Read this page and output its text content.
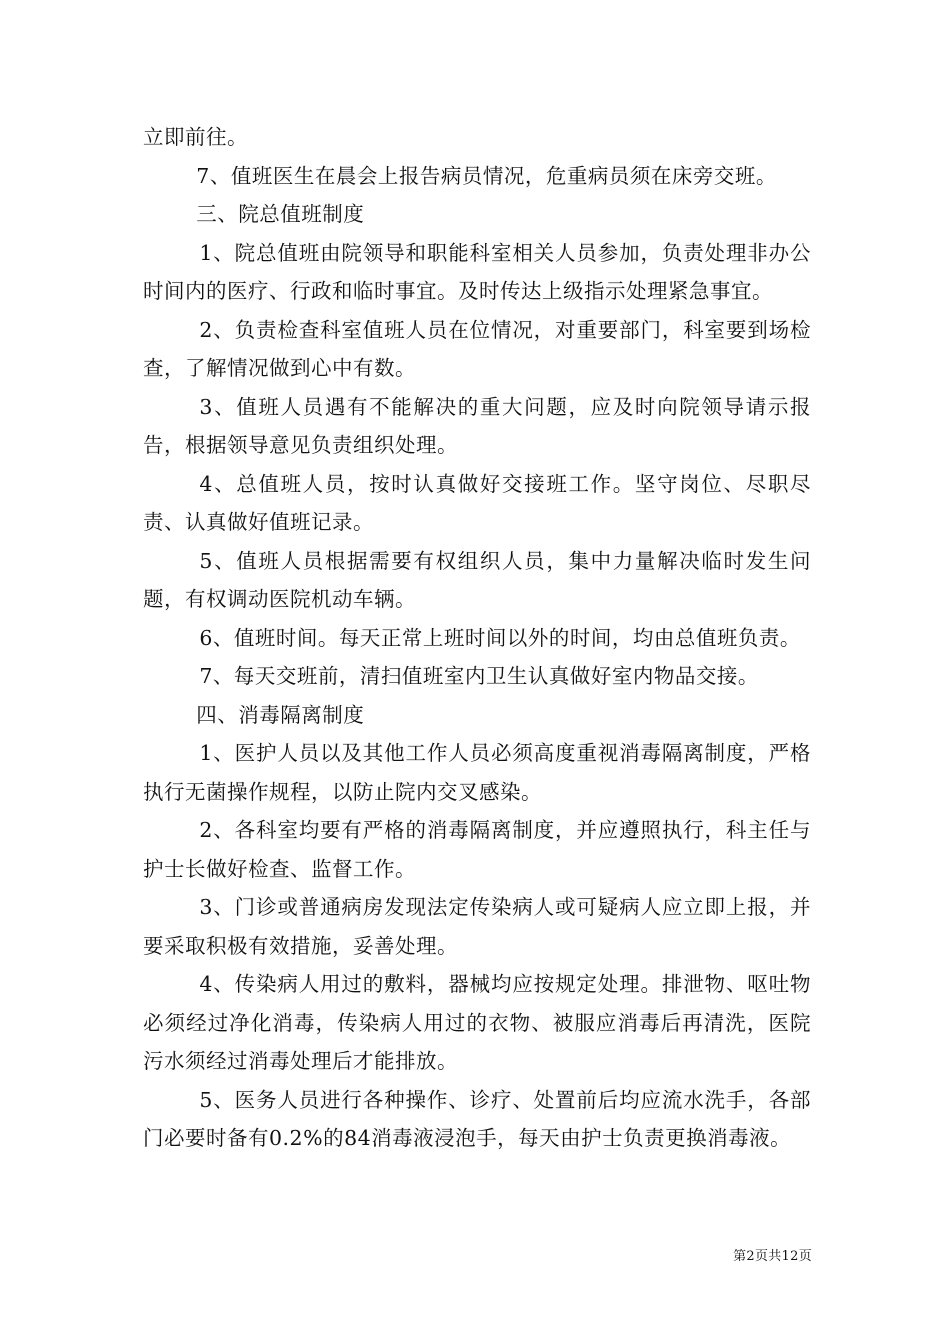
立即前往。

7、值班医生在晨会上报告病员情况，危重病员须在床旁交班。

三、院总值班制度

1、院总值班由院领导和职能科室相关人员参加，负责处理非办公时间内的医疗、行政和临时事宜。及时传达上级指示处理紧急事宜。

2、负责检查科室值班人员在位情况，对重要部门，科室要到场检查，了解情况做到心中有数。

3、值班人员遇有不能解决的重大问题，应及时向院领导请示报告，根据领导意见负责组织处理。

4、总值班人员，按时认真做好交接班工作。坚守岗位、尽职尽责、认真做好值班记录。

5、值班人员根据需要有权组织人员，集中力量解决临时发生问题，有权调动医院机动车辆。

6、值班时间。每天正常上班时间以外的时间，均由总值班负责。

7、每天交班前，清扫值班室内卫生认真做好室内物品交接。

四、消毒隔离制度

1、医护人员以及其他工作人员必须高度重视消毒隔离制度，严格执行无菌操作规程，以防止院内交叉感染。

2、各科室均要有严格的消毒隔离制度，并应遵照执行，科主任与护士长做好检查、监督工作。

3、门诊或普通病房发现法定传染病人或可疑病人应立即上报，并要采取积极有效措施，妥善处理。

4、传染病人用过的敷料，器械均应按规定处理。排泄物、呕吐物必须经过净化消毒，传染病人用过的衣物、被服应消毒后再清洗，医院污水须经过消毒处理后才能排放。

5、医务人员进行各种操作、诊疗、处置前后均应流水洗手，各部门必要时备有0.2%的84消毒液浸泡手，每天由护士负责更换消毒液。

第2页共12页
